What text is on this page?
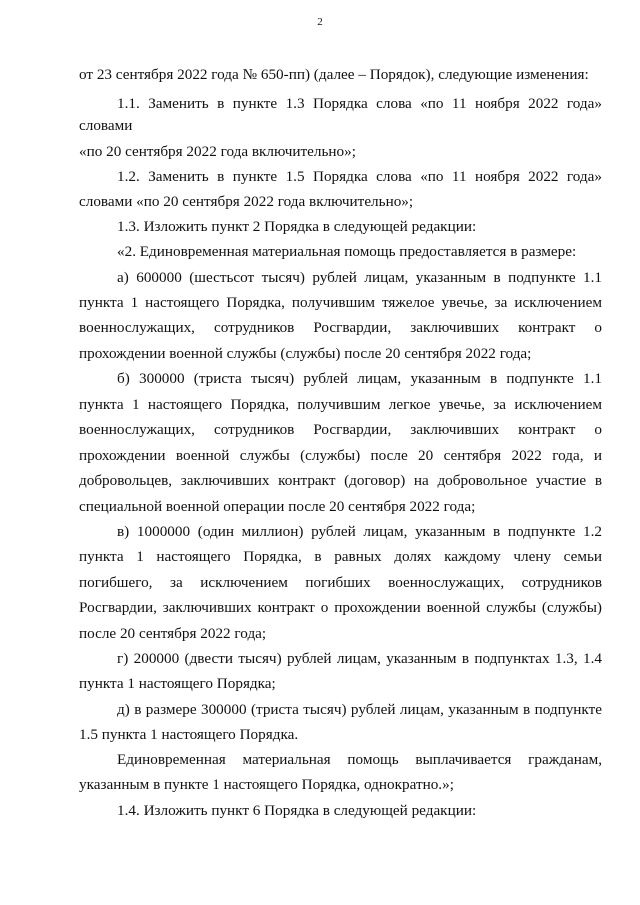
2
от 23 сентября 2022 года № 650-пп) (далее – Порядок), следующие изменения:
1.1. Заменить в пункте 1.3 Порядка слова «по 11 ноября 2022 года»
словами
«по 20 сентября 2022 года включительно»;
1.2. Заменить в пункте 1.5 Порядка слова «по 11 ноября 2022 года»
словами «по 20 сентября 2022 года включительно»;
1.3. Изложить пункт 2 Порядка в следующей редакции:
«2. Единовременная материальная помощь предоставляется в размере:
а) 600000 (шестьсот тысяч) рублей лицам, указанным в подпункте 1.1
пункта 1 настоящего Порядка, получившим тяжелое увечье, за исключением
военнослужащих, сотрудников Росгвардии, заключивших контракт о
прохождении военной службы (службы) после 20 сентября 2022 года;
б) 300000 (триста тысяч) рублей лицам, указанным в подпункте 1.1
пункта 1 настоящего Порядка, получившим легкое увечье, за исключением
военнослужащих, сотрудников Росгвардии, заключивших контракт о
прохождении военной службы (службы) после 20 сентября 2022 года, и
добровольцев, заключивших контракт (договор) на добровольное участие в
специальной военной операции после 20 сентября 2022 года;
в) 1000000 (один миллион) рублей лицам, указанным в подпункте 1.2
пункта 1 настоящего Порядка, в равных долях каждому члену семьи
погибшего, за исключением погибших военнослужащих, сотрудников
Росгвардии, заключивших контракт о прохождении военной службы (службы)
после 20 сентября 2022 года;
г) 200000 (двести тысяч) рублей лицам, указанным в подпунктах 1.3, 1.4
пункта 1 настоящего Порядка;
д) в размере 300000 (триста тысяч) рублей лицам, указанным в подпункте
1.5 пункта 1 настоящего Порядка.
Единовременная материальная помощь выплачивается гражданам,
указанным в пункте 1 настоящего Порядка, однократно.»;
1.4. Изложить пункт 6 Порядка в следующей редакции:
